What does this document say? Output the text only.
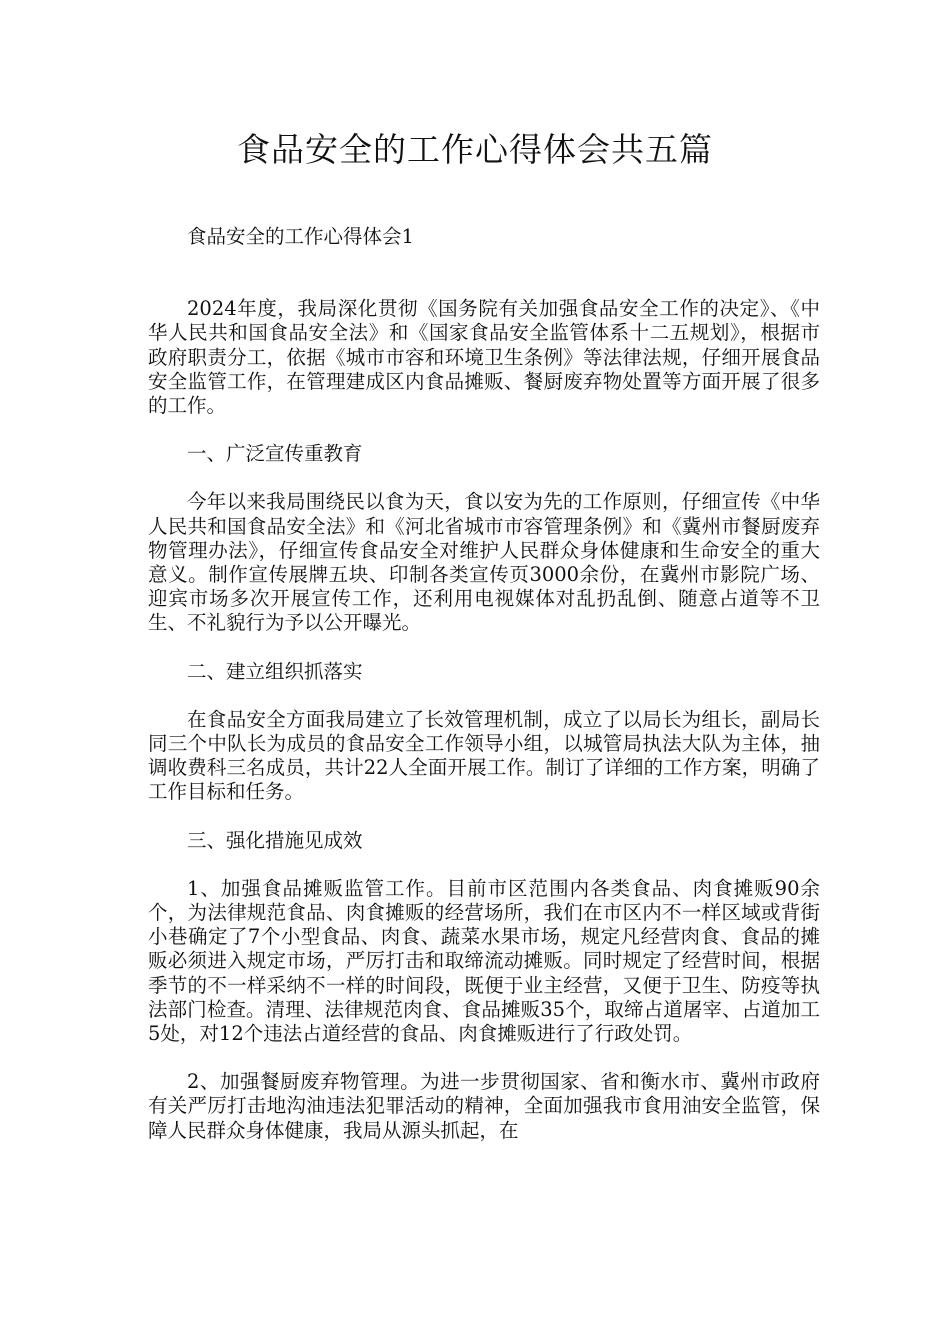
食品安全的工作心得体会共五篇

食品安全的工作心得体会1

2024年度，我局深化贯彻《国务院有关加强食品安全工作的决定》、《中华人民共和国食品安全法》和《国家食品安全监管体系十二五规划》，根据市政府职责分工，依据《城市市容和环境卫生条例》等法律法规，仔细开展食品安全监管工作，在管理建成区内食品摊贩、餐厨废弃物处置等方面开展了很多的工作。

一、广泛宣传重教育

今年以来我局围绕民以食为天，食以安为先的工作原则，仔细宣传《中华人民共和国食品安全法》和《河北省城市市容管理条例》和《冀州市餐厨废弃物管理办法》，仔细宣传食品安全对维护人民群众身体健康和生命安全的重大意义。制作宣传展牌五块、印制各类宣传页3000余份，在冀州市影院广场、迎宾市场多次开展宣传工作，还利用电视媒体对乱扔乱倒、随意占道等不卫生、不礼貌行为予以公开曝光。

二、建立组织抓落实

在食品安全方面我局建立了长效管理机制，成立了以局长为组长，副局长同三个中队长为成员的食品安全工作领导小组，以城管局执法大队为主体，抽调收费科三名成员，共计22人全面开展工作。制订了详细的工作方案，明确了工作目标和任务。

三、强化措施见成效

1、加强食品摊贩监管工作。目前市区范围内各类食品、肉食摊贩90余个，为法律规范食品、肉食摊贩的经营场所，我们在市区内不一样区域或背街小巷确定了7个小型食品、肉食、蔬菜水果市场，规定凡经营肉食、食品的摊贩必须进入规定市场，严厉打击和取缔流动摊贩。同时规定了经营时间，根据季节的不一样采纳不一样的时间段，既便于业主经营，又便于卫生、防疫等执法部门检查。清理、法律规范肉食、食品摊贩35个，取缔占道屠宰、占道加工5处，对12个违法占道经营的食品、肉食摊贩进行了行政处罚。

2、加强餐厨废弃物管理。为进一步贯彻国家、省和衡水市、冀州市政府有关严厉打击地沟油违法犯罪活动的精神，全面加强我市食用油安全监管，保障人民群众身体健康，我局从源头抓起，在
